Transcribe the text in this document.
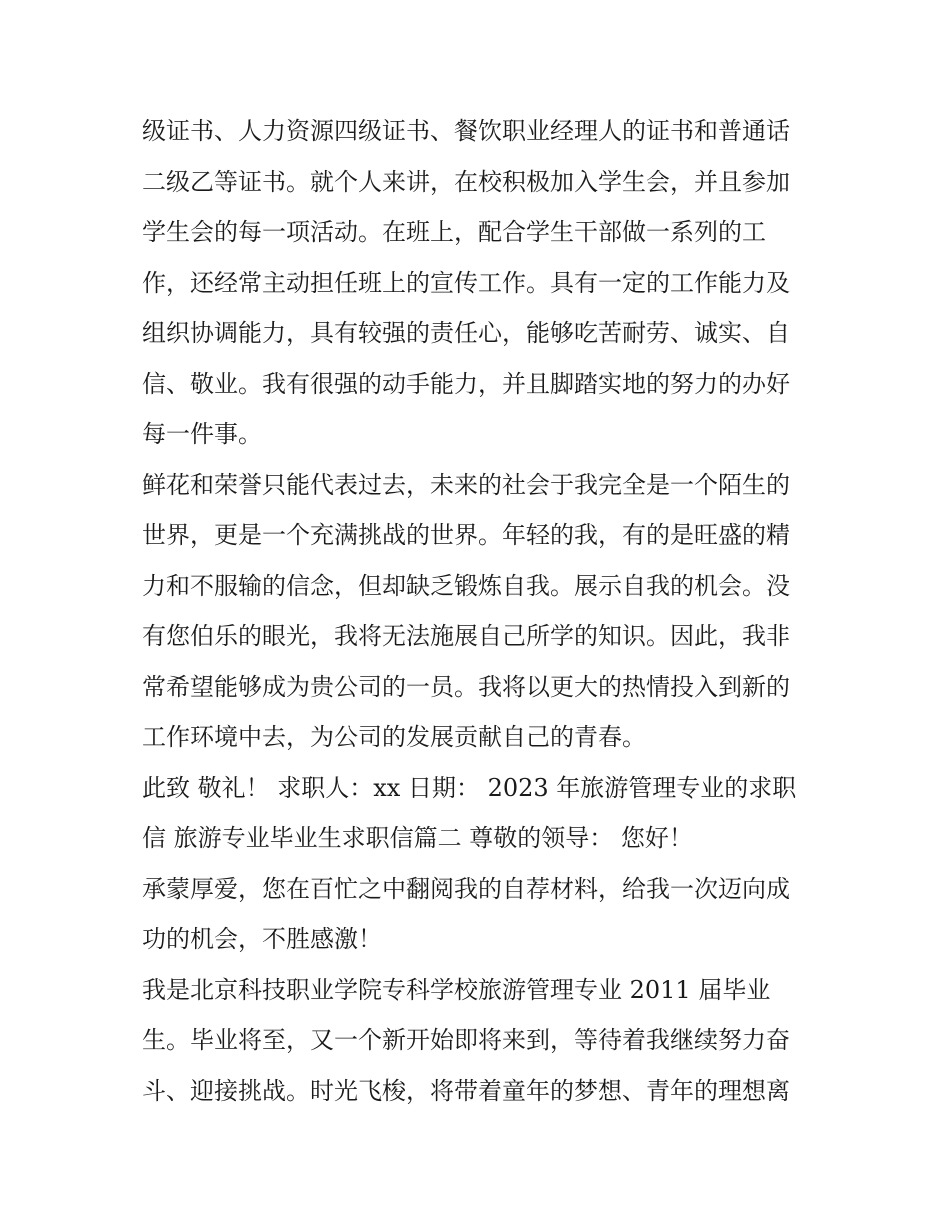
级证书、人力资源四级证书、餐饮职业经理人的证书和普通话
二级乙等证书。就个人来讲，在校积极加入学生会，并且参加
学生会的每一项活动。在班上，配合学生干部做一系列的工
作，还经常主动担任班上的宣传工作。具有一定的工作能力及
组织协调能力，具有较强的责任心，能够吃苦耐劳、诚实、自
信、敬业。我有很强的动手能力，并且脚踏实地的努力的办好
每一件事。
鲜花和荣誉只能代表过去，未来的社会于我完全是一个陌生的
世界，更是一个充满挑战的世界。年轻的我，有的是旺盛的精
力和不服输的信念，但却缺乏锻炼自我。展示自我的机会。没
有您伯乐的眼光，我将无法施展自己所学的知识。因此，我非
常希望能够成为贵公司的一员。我将以更大的热情投入到新的
工作环境中去，为公司的发展贡献自己的青春。
此致 敬礼！ 求职人：xx 日期： 2023 年旅游管理专业的求职
信 旅游专业毕业生求职信篇二 尊敬的领导： 您好！
承蒙厚爱，您在百忙之中翻阅我的自荐材料，给我一次迈向成
功的机会，不胜感激！
我是北京科技职业学院专科学校旅游管理专业 2011 届毕业
生。毕业将至，又一个新开始即将来到，等待着我继续努力奋
斗、迎接挑战。时光飞梭，将带着童年的梦想、青年的理想离
